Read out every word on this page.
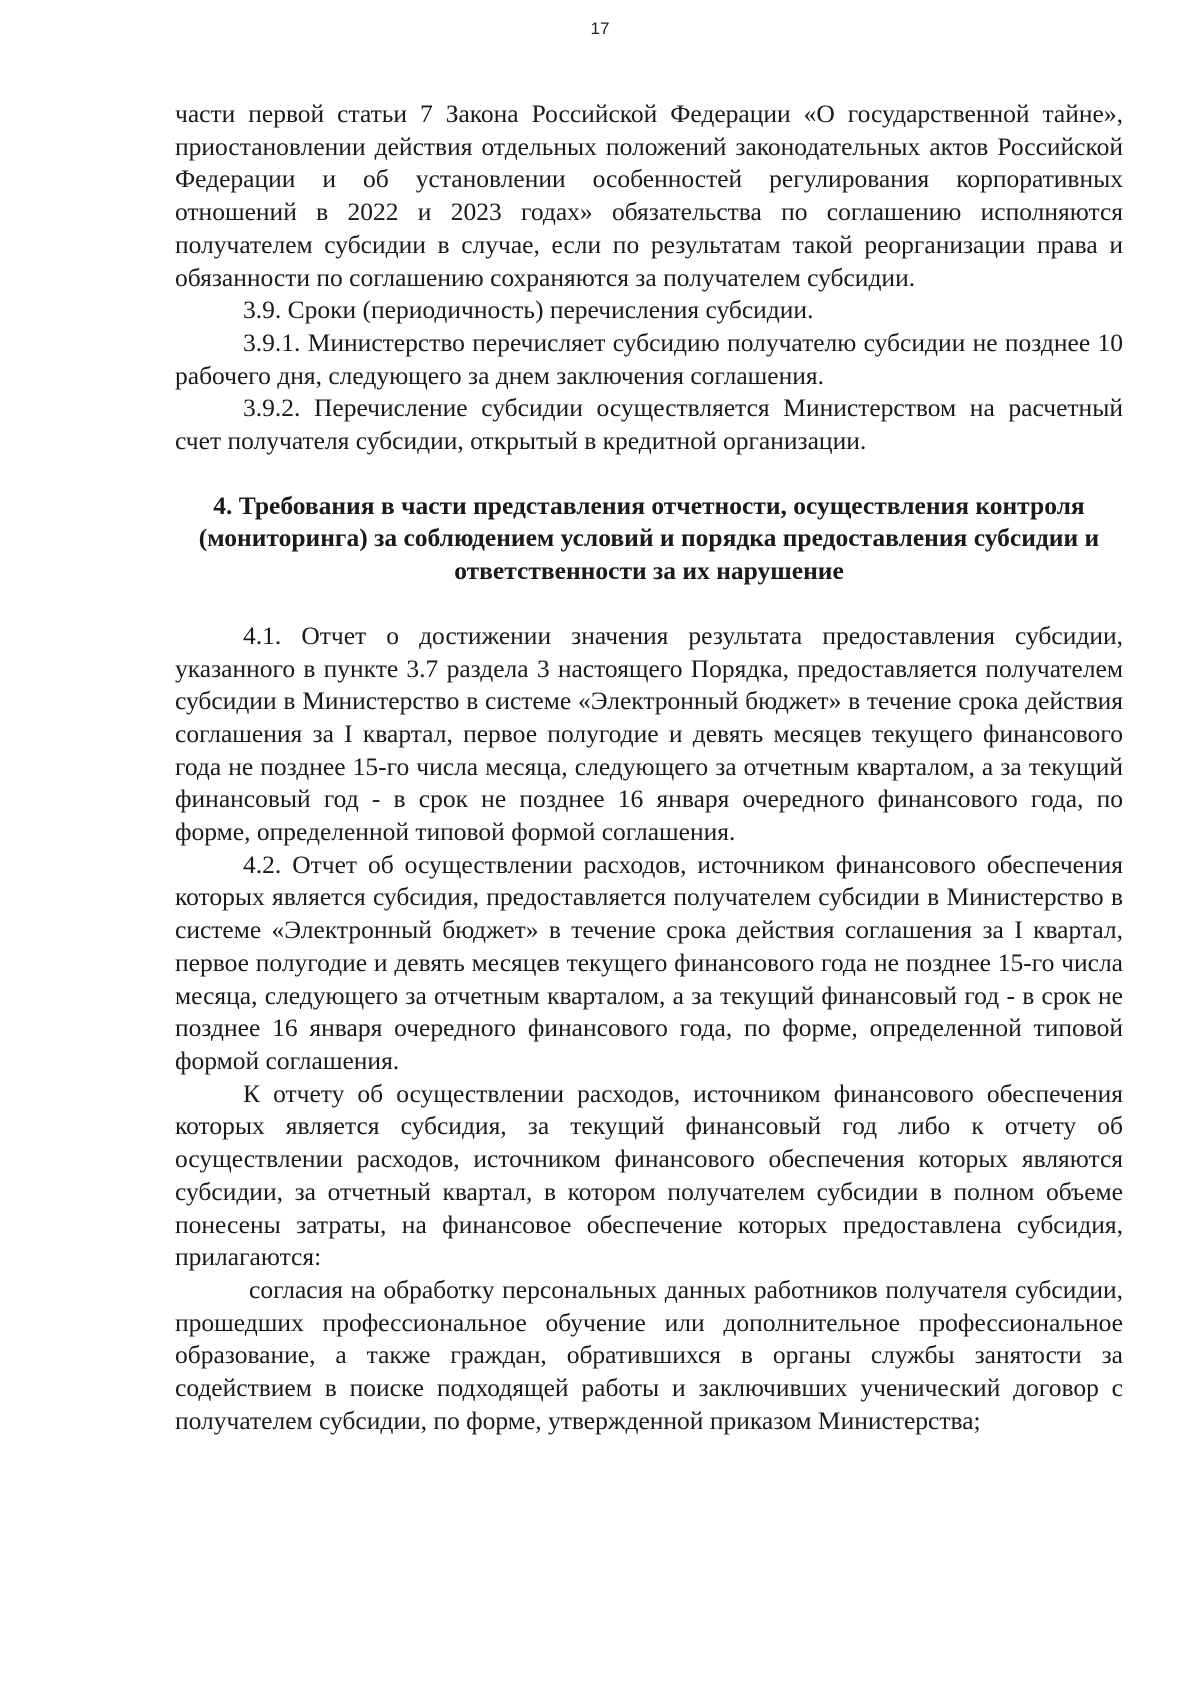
17

части первой статьи 7 Закона Российской Федерации «О государственной тайне», приостановлении действия отдельных положений законодательных актов Российской Федерации и об установлении особенностей регулирования корпоративных отношений в 2022 и 2023 годах» обязательства по соглашению исполняются получателем субсидии в случае, если по результатам такой реорганизации права и обязанности по соглашению сохраняются за получателем субсидии.

3.9. Сроки (периодичность) перечисления субсидии.

3.9.1. Министерство перечисляет субсидию получателю субсидии не позднее 10 рабочего дня, следующего за днем заключения соглашения.

3.9.2. Перечисление субсидии осуществляется Министерством на расчетный счет получателя субсидии, открытый в кредитной организации.

4. Требования в части представления отчетности, осуществления контроля (мониторинга) за соблюдением условий и порядка предоставления субсидии и ответственности за их нарушение

4.1. Отчет о достижении значения результата предоставления субсидии, указанного в пункте 3.7 раздела 3 настоящего Порядка, предоставляется получателем субсидии в Министерство в системе «Электронный бюджет» в течение срока действия соглашения за I квартал, первое полугодие и девять месяцев текущего финансового года не позднее 15-го числа месяца, следующего за отчетным кварталом, а за текущий финансовый год - в срок не позднее 16 января очередного финансового года, по форме, определенной типовой формой соглашения.

4.2. Отчет об осуществлении расходов, источником финансового обеспечения которых является субсидия, предоставляется получателем субсидии в Министерство в системе «Электронный бюджет» в течение срока действия соглашения за I квартал, первое полугодие и девять месяцев текущего финансового года не позднее 15-го числа месяца, следующего за отчетным кварталом, а за текущий финансовый год - в срок не позднее 16 января очередного финансового года, по форме, определенной типовой формой соглашения.

К отчету об осуществлении расходов, источником финансового обеспечения которых является субсидия, за текущий финансовый год либо к отчету об осуществлении расходов, источником финансового обеспечения которых являются субсидии, за отчетный квартал, в котором получателем субсидии в полном объеме понесены затраты, на финансовое обеспечение которых предоставлена субсидия, прилагаются:

согласия на обработку персональных данных работников получателя субсидии, прошедших профессиональное обучение или дополнительное профессиональное образование, а также граждан, обратившихся в органы службы занятости за содействием в поиске подходящей работы и заключивших ученический договор с получателем субсидии, по форме, утвержденной приказом Министерства;
